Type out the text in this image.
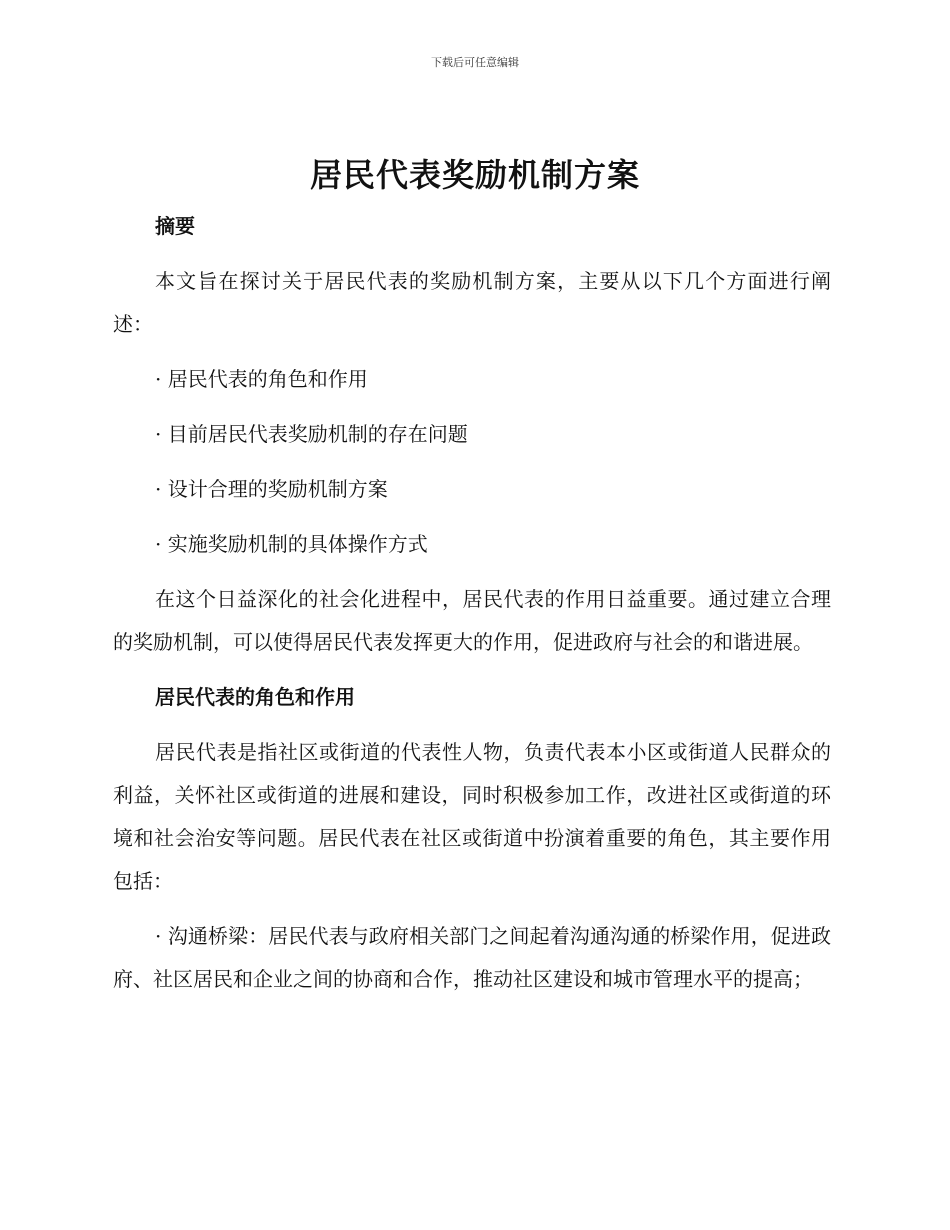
下载后可任意编辑
居民代表奖励机制方案

摘要

本文旨在探讨关于居民代表的奖励机制方案，主要从以下几个方面进行阐述：

· 居民代表的角色和作用

· 目前居民代表奖励机制的存在问题

· 设计合理的奖励机制方案

· 实施奖励机制的具体操作方式

在这个日益深化的社会化进程中，居民代表的作用日益重要。通过建立合理的奖励机制，可以使得居民代表发挥更大的作用，促进政府与社会的和谐进展。

居民代表的角色和作用

居民代表是指社区或街道的代表性人物，负责代表本小区或街道人民群众的利益，关怀社区或街道的进展和建设，同时积极参加工作，改进社区或街道的环境和社会治安等问题。居民代表在社区或街道中扮演着重要的角色，其主要作用包括：

· 沟通桥梁：居民代表与政府相关部门之间起着沟通沟通的桥梁作用，促进政府、社区居民和企业之间的协商和合作，推动社区建设和城市管理水平的提高；
